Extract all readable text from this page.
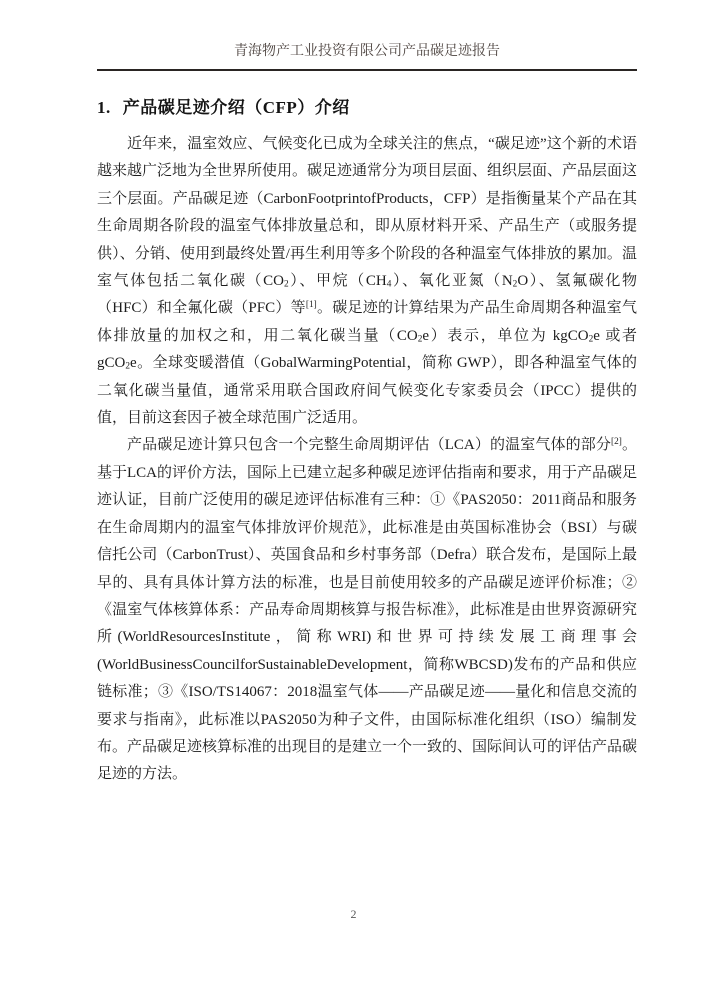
青海物产工业投资有限公司产品碳足迹报告
1. 产品碳足迹介绍（CFP）介绍

近年来，温室效应、气候变化已成为全球关注的焦点，“碳足迹”这个新的术语越来越广泛地为全世界所使用。碳足迹通常分为项目层面、组织层面、产品层面这三个层面。产品碳足迹（CarbonFootprintofProducts，CFP）是指衡量某个产品在其生命周期各阶段的温室气体排放量总和，即从原材料开采、产品生产（或服务提供）、分销、使用到最终处置/再生利用等多个阶段的各种温室气体排放的累加。温室气体包括二氧化碳$(CO_2)$、甲烷$(CH_4)$、氧化亚氮$(N_2O)$、氢氟碳化物（HFC）和全氟化碳（PFC）等[1]。碳足迹的计算结果为产品生命周期各种温室气体排放量的加权之和，用二氧化碳当量$(CO_2e)$表示，单位为 kgCO$_2$e 或者 gCO$_2$e。全球变暖潜值（GobalWarmingPotential，简称 GWP），即各种温室气体的二氧化碳当量值，通常采用联合国政府间气候变化专家委员会（IPCC）提供的值，目前这套因子被全球范围广泛适用。

产品碳足迹计算只包含一个完整生命周期评估（LCA）的温室气体的部分[2]。基于LCA的评价方法，国际上已建立起多种碳足迹评估指南和要求，用于产品碳足迹认证，目前广泛使用的碳足迹评估标准有三种：①《PAS2050：2011商品和服务在生命周期内的温室气体排放评价规范》，此标准是由英国标准协会（BSI）与碳信托公司（CarbonTrust）、英国食品和乡村事务部（Defra）联合发布，是国际上最早的、具有具体计算方法的标准，也是目前使用较多的产品碳足迹评价标准；②《温室气体核算体系：产品寿命周期核算与报告标准》，此标准是由世界资源研究所(WorldResourcesInstitute，简称WRI)和世界可持续发展工商理事会(WorldBusinessCouncilforSustainableDevelopment，简称WBCSD)发布的产品和供应链标准；③《ISO/TS14067：2018温室气体——产品碳足迹——量化和信息交流的要求与指南》，此标准以PAS2050为种子文件，由国际标准化组织（ISO）编制发布。产品碳足迹核算标准的出现目的是建立一个一致的、国际间认可的评估产品碳足迹的方法。

2
